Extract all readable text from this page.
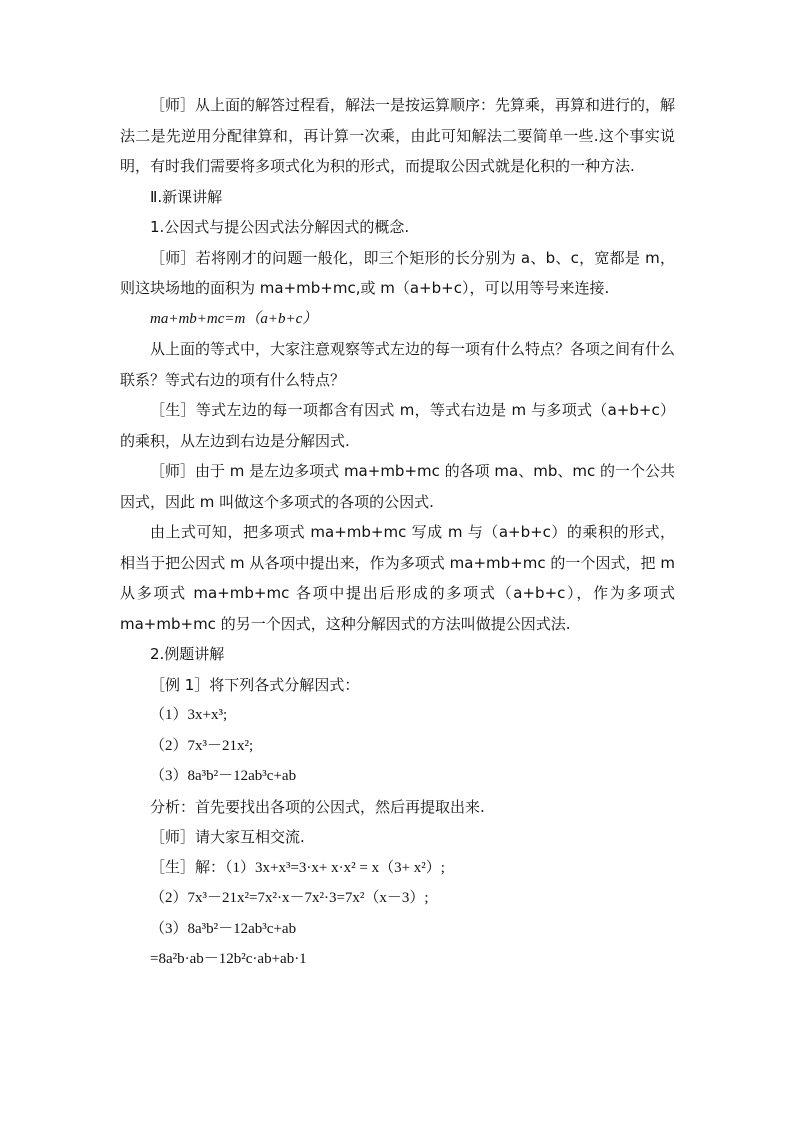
［师］从上面的解答过程看，解法一是按运算顺序：先算乘，再算和进行的，解法二是先逆用分配律算和，再计算一次乘，由此可知解法二要简单一些.这个事实说明，有时我们需要将多项式化为积的形式，而提取公因式就是化积的一种方法.

Ⅱ.新课讲解

1.公因式与提公因式法分解因式的概念.

［师］若将刚才的问题一般化，即三个矩形的长分别为 a、b、c，宽都是 m，则这块场地的面积为 ma+mb+mc,或 m（a+b+c），可以用等号来连接.

ma+mb+mc=m（a+b+c）

从上面的等式中，大家注意观察等式左边的每一项有什么特点？各项之间有什么联系？等式右边的项有什么特点？

［生］等式左边的每一项都含有因式 m，等式右边是 m 与多项式（a+b+c）的乘积，从左边到右边是分解因式.

［师］由于 m 是左边多项式 ma+mb+mc 的各项 ma、mb、mc 的一个公共因式，因此 m 叫做这个多项式的各项的公因式.

由上式可知，把多项式 ma+mb+mc 写成 m 与（a+b+c）的乘积的形式，相当于把公因式 m 从各项中提出来，作为多项式 ma+mb+mc 的一个因式，把 m 从多项式 ma+mb+mc 各项中提出后形成的多项式（a+b+c），作为多项式 ma+mb+mc 的另一个因式，这种分解因式的方法叫做提公因式法.

2.例题讲解

［例 1］将下列各式分解因式：

（1）3x+x³;

（2）7x³－21x²;

（3）8a³b²－12ab³c+ab

分析：首先要找出各项的公因式，然后再提取出来.

［师］请大家互相交流.

［生］解：（1）3x+x³=3·x+ x·x² = x（3+ x²）;

（2）7x³－21x²=7x²·x－7x²·3=7x²（x－3）;

（3）8a³b²－12ab³c+ab

=8a²b·ab－12b²c·ab+ab·1
